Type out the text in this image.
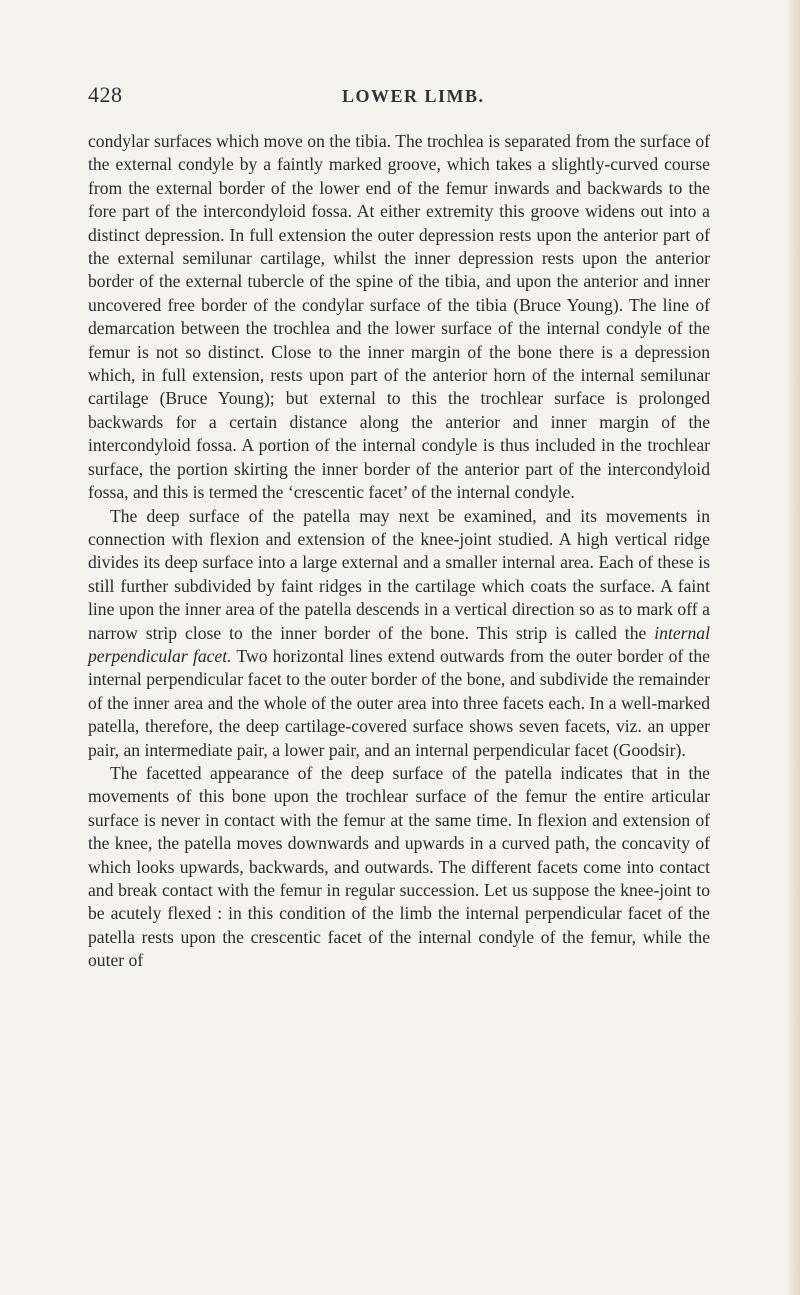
428	LOWER LIMB.

condylar surfaces which move on the tibia. The trochlea is separated from the surface of the external condyle by a faintly marked groove, which takes a slightly-curved course from the external border of the lower end of the femur inwards and backwards to the fore part of the intercondyloid fossa. At either extremity this groove widens out into a distinct depression. In full extension the outer depression rests upon the anterior part of the external semilunar cartilage, whilst the inner depression rests upon the anterior border of the external tubercle of the spine of the tibia, and upon the anterior and inner uncovered free border of the condylar surface of the tibia (Bruce Young). The line of demarcation between the trochlea and the lower surface of the internal condyle of the femur is not so distinct. Close to the inner margin of the bone there is a depression which, in full extension, rests upon part of the anterior horn of the internal semilunar cartilage (Bruce Young); but external to this the trochlear surface is prolonged backwards for a certain distance along the anterior and inner margin of the intercondyloid fossa. A portion of the internal condyle is thus included in the trochlear surface, the portion skirting the inner border of the anterior part of the intercondyloid fossa, and this is termed the ‘crescentic facet’ of the internal condyle.

The deep surface of the patella may next be examined, and its movements in connection with flexion and extension of the knee-joint studied. A high vertical ridge divides its deep surface into a large external and a smaller internal area. Each of these is still further subdivided by faint ridges in the cartilage which coats the surface. A faint line upon the inner area of the patella descends in a vertical direction so as to mark off a narrow strip close to the inner border of the bone. This strip is called the internal perpendicular facet. Two horizontal lines extend outwards from the outer border of the internal perpendicular facet to the outer border of the bone, and subdivide the remainder of the inner area and the whole of the outer area into three facets each. In a well-marked patella, therefore, the deep cartilage-covered surface shows seven facets, viz. an upper pair, an intermediate pair, a lower pair, and an internal perpendicular facet (Goodsir).

The facetted appearance of the deep surface of the patella indicates that in the movements of this bone upon the trochlear surface of the femur the entire articular surface is never in contact with the femur at the same time. In flexion and extension of the knee, the patella moves downwards and upwards in a curved path, the concavity of which looks upwards, backwards, and outwards. The different facets come into contact and break contact with the femur in regular succession. Let us suppose the knee-joint to be acutely flexed : in this condition of the limb the internal perpendicular facet of the patella rests upon the crescentic facet of the internal condyle of the femur, while the outer of
